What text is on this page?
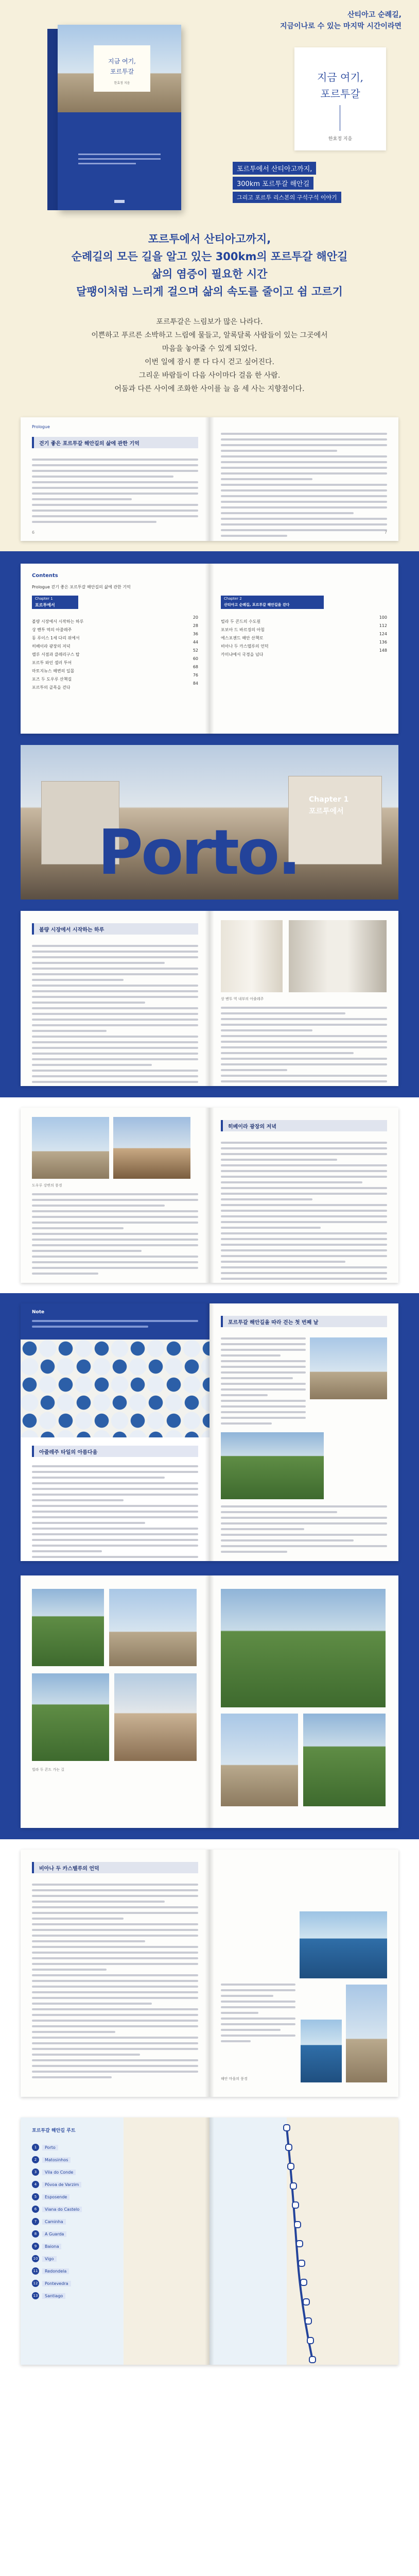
지금 여기,
포르투갈
한효정 지음
산티아고 순례길,
지금이나로 수 있는 마지막 시간이라면
지금 여기,
포르투갈
한효정 지음
포르투에서 산티아고까지,
300km 포르투갈 해안길
그리고 포르투 리스본의 구석구석 이야기
포르투에서 산티아고까지,
순례길의 모든 길을 알고 있는 300km의 포르투갈 해안길
삶의 염증이 필요한 시간
달팽이처럼 느리게 걸으며 삶의 속도를 줄이고 쉼 고르기
포르투갈은 느림보가 많은 나라다.
이쁜하고 푸르른 소박하고 느림에 물들고, 알록달록 사람들이 있는 그곳에서
마음을 놓아줄 수 있게 되었다.
이번 일에 잠시 뿐 다 다시 걷고 싶어진다.
그리운 바람들이 다음 사이마다 걸음 한 사람.
어둠과 다른 사이에 조화한 사이를 늘 음 세 사는 지향점이다.
Prologue
걷기 좋은 포르투갈 해안길의 삶에 관한 기억
6	7
Contents
Prologue 걷기 좋은 포르투갈 해안길의 삶에 관한 기억
Chapter 1
포르투에서
볼량 시장에서 시작하는 하루
20
상 벤투 역의 아줄레주
28
동 루이스 1세 다리 위에서
36
히베이라 광장의 저녁
44
렐루 서점과 클레리구스 탑
52
포르투 와인 셀러 투어
60
마토지뉴스 해변의 일몰
68
포즈 두 도우루 산책길
76
포르투의 골목을 걷다
84
Chapter 2
산티아고 순례길, 포르투갈 해안길을 걷다
빌라 두 콘드의 수도원
100
포보아 드 바르징의 아침
112
에스포젠드 해안 산책로
124
비아나 두 카스텔루의 언덕
136
카미냐에서 국경을 넘다
148
Porto.
Chapter 1
포르투에서
볼량 시장에서 시작하는 하루
상 벤투 역 내부의 아줄레주
도우루 강변의 풍경
히베이라 광장의 저녁
Note
아줄레주 타일의 아름다움
포르투갈 해안길을 따라 걷는 첫 번째 날
빌라 두 콘드 가는 길
비아나 두 카스텔루의 언덕
해안 마을의 풍경
포르투갈 해안길 루트
1	Porto
2	Matosinhos
3	Vila do Conde
4	Póvoa de Varzim
5	Esposende
6	Viana do Castelo
7	Caminha
8	A Guarda
9	Baiona
10	Vigo
11	Redondela
12	Pontevedra
13	Santiago
